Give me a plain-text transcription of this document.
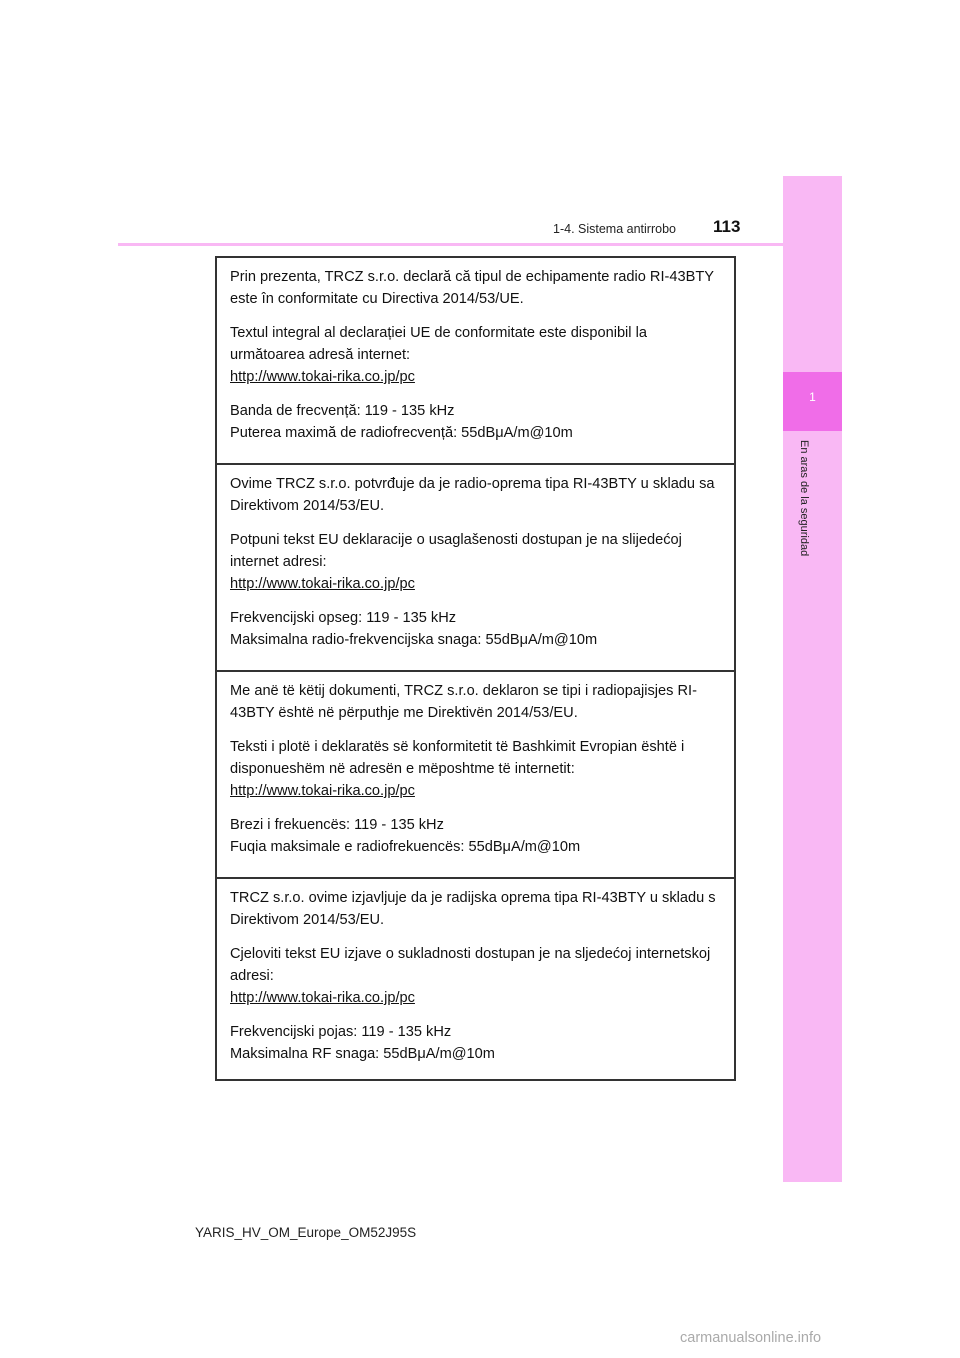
1
En aras de la seguridad
1-4. Sistema antirrobo 113

Prin prezenta, TRCZ s.r.o. declară că tipul de echipamente radio RI-43BTY este în conformitate cu Directiva 2014/53/UE.

Textul integral al declarației UE de conformitate este disponibil la următoarea adresă internet:

http://www.tokai-rika.co.jp/pc

Banda de frecvență: 119 - 135 kHz

Puterea maximă de radiofrecvență: 55dBμA/m@10m

Ovime TRCZ s.r.o. potvrđuje da je radio-oprema tipa RI-43BTY u skladu sa Direktivom 2014/53/EU.

Potpuni tekst EU deklaracije o usaglašenosti dostupan je na slijedećoj internet adresi:

http://www.tokai-rika.co.jp/pc

Frekvencijski opseg: 119 - 135 kHz

Maksimalna radio-frekvencijska snaga: 55dBμA/m@10m

Me anë të këtij dokumenti, TRCZ s.r.o. deklaron se tipi i radiopajisjes RI-43BTY është në përputhje me Direktivën 2014/53/EU.

Teksti i plotë i deklaratës së konformitetit të Bashkimit Evropian është i disponueshëm në adresën e mëposhtme të internetit:

http://www.tokai-rika.co.jp/pc

Brezi i frekuencës: 119 - 135 kHz

Fuqia maksimale e radiofrekuencës: 55dBμA/m@10m

TRCZ s.r.o. ovime izjavljuje da je radijska oprema tipa RI-43BTY u skladu s Direktivom 2014/53/EU.

Cjeloviti tekst EU izjave o sukladnosti dostupan je na sljedećoj internetskoj adresi:

http://www.tokai-rika.co.jp/pc

Frekvencijski pojas: 119 - 135 kHz

Maksimalna RF snaga: 55dBμA/m@10m

YARIS_HV_OM_Europe_OM52J95S
carmanualsonline.info
